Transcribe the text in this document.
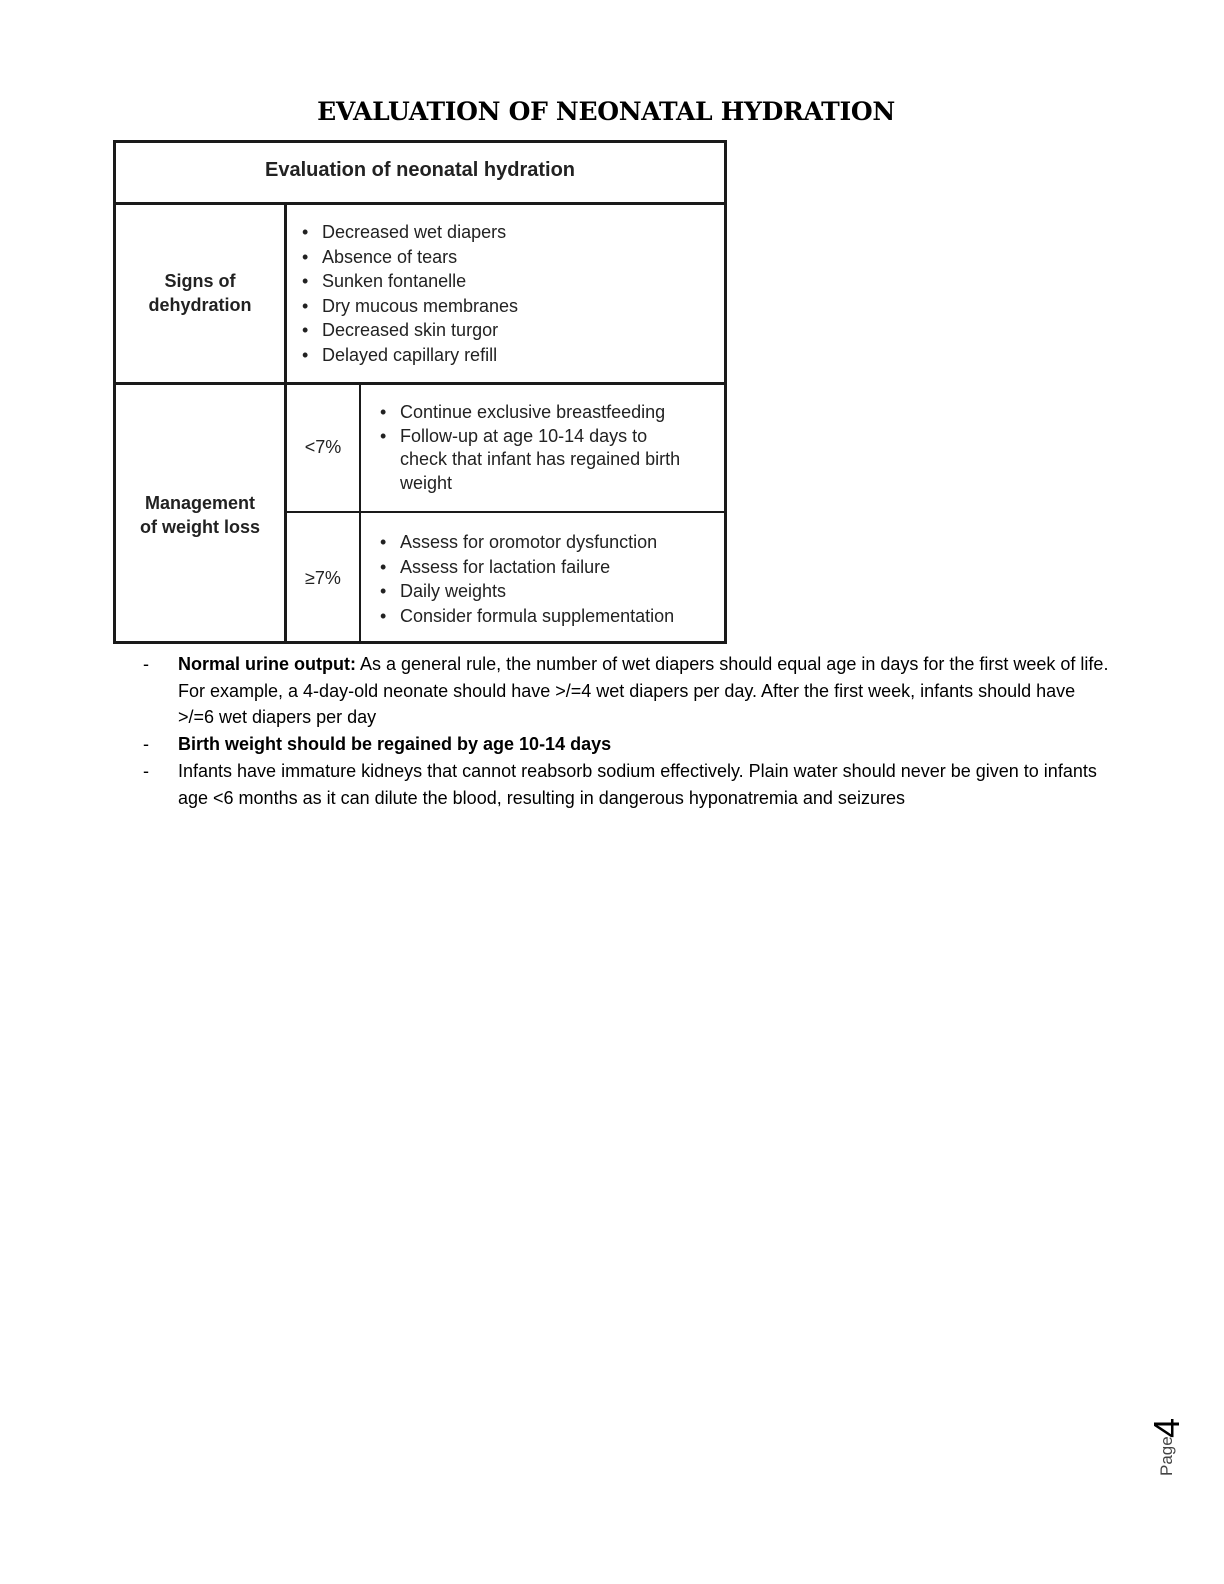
EVALUATION OF NEONATAL HYDRATION
Evaluation of neonatal hydration
Signs of
dehydration
• Decreased wet diapers
• Absence of tears
• Sunken fontanelle
• Dry mucous membranes
• Decreased skin turgor
• Delayed capillary refill
Management
of weight loss
<7%
• Continue exclusive breastfeeding
• Follow-up at age 10-14 days to check that infant has regained birth weight
≥7%
• Assess for oromotor dysfunction
• Assess for lactation failure
• Daily weights
• Consider formula supplementation
- Normal urine output: As a general rule, the number of wet diapers should equal age in days for the first week of life. For example, a 4-day-old neonate should have >/=4 wet diapers per day. After the first week, infants should have >/=6 wet diapers per day
- Birth weight should be regained by age 10-14 days
- Infants have immature kidneys that cannot reabsorb sodium effectively. Plain water should never be given to infants age <6 months as it can dilute the blood, resulting in dangerous hyponatremia and seizures
Page
4
